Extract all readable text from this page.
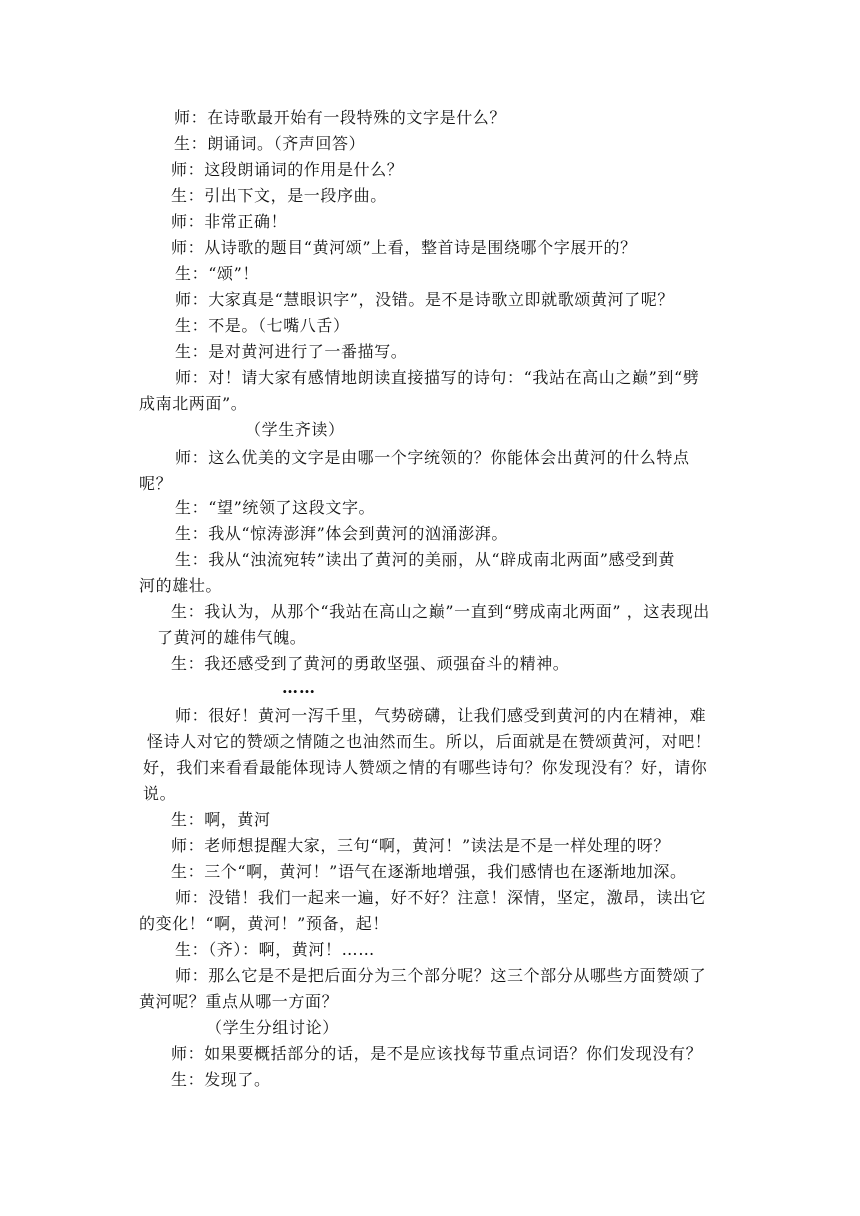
师：在诗歌最开始有一段特殊的文字是什么？
生：朗诵词。（齐声回答）
师：这段朗诵词的作用是什么？
生：引出下文，是一段序曲。
师：非常正确！
师：从诗歌的题目“黄河颂”上看，整首诗是围绕哪个字展开的？
生：“颂”！
师：大家真是“慧眼识字”，没错。是不是诗歌立即就歌颂黄河了呢？
生：不是。（七嘴八舌）
生：是对黄河进行了一番描写。
师：对！请大家有感情地朗读直接描写的诗句：“我站在高山之巅”到“劈
成南北两面”。
（学生齐读）
师：这么优美的文字是由哪一个字统领的？你能体会出黄河的什么特点
呢？
生：“望”统领了这段文字。
生：我从“惊涛澎湃”体会到黄河的汹涌澎湃。
生：我从“浊流宛转”读出了黄河的美丽，从“辟成南北两面”感受到黄
河的雄壮。
生：我认为，从那个“我站在高山之巅”一直到“劈成南北两面” ，这表现出
了黄河的雄伟气魄。
生：我还感受到了黄河的勇敢坚强、顽强奋斗的精神。
……
师：很好！黄河一泻千里，气势磅礴，让我们感受到黄河的内在精神，难
怪诗人对它的赞颂之情随之也油然而生。所以，后面就是在赞颂黄河，对吧！
好，我们来看看最能体现诗人赞颂之情的有哪些诗句？你发现没有？好，请你
说。
生：啊，黄河
师：老师想提醒大家，三句“啊，黄河！”读法是不是一样处理的呀？
生：三个“啊，黄河！”语气在逐渐地增强，我们感情也在逐渐地加深。
师：没错！我们一起来一遍，好不好？注意！深情，坚定，激昂，读出它
的变化！“啊，黄河！”预备，起！
生：（齐）：啊，黄河！……
师：那么它是不是把后面分为三个部分呢？这三个部分从哪些方面赞颂了
黄河呢？重点从哪一方面？
（学生分组讨论）
师：如果要概括部分的话，是不是应该找每节重点词语？你们发现没有？
生：发现了。
